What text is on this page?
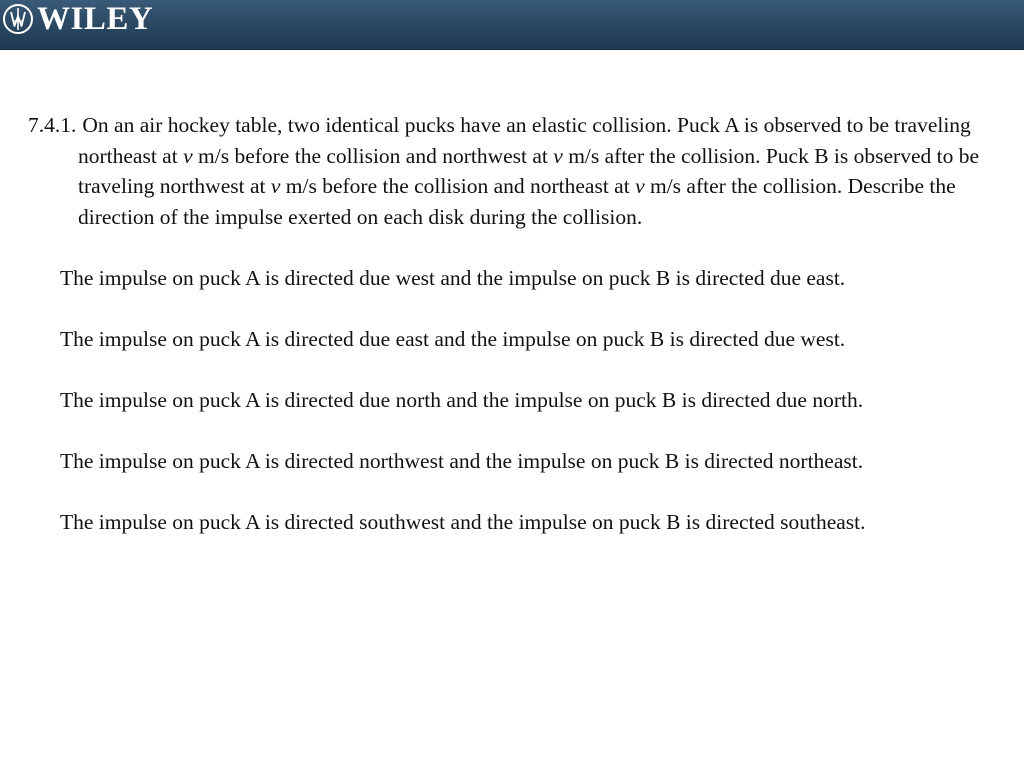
WILEY

7.4.1. On an air hockey table, two identical pucks have an elastic collision. Puck A is observed to be traveling northeast at v m/s before the collision and northwest at v m/s after the collision. Puck B is observed to be traveling northwest at v m/s before the collision and northeast at v m/s after the collision. Describe the direction of the impulse exerted on each disk during the collision.

The impulse on puck A is directed due west and the impulse on puck B is directed due east.

The impulse on puck A is directed due east and the impulse on puck B is directed due west.

The impulse on puck A is directed due north and the impulse on puck B is directed due north.

The impulse on puck A is directed northwest and the impulse on puck B is directed northeast.

The impulse on puck A is directed southwest and the impulse on puck B is directed southeast.
